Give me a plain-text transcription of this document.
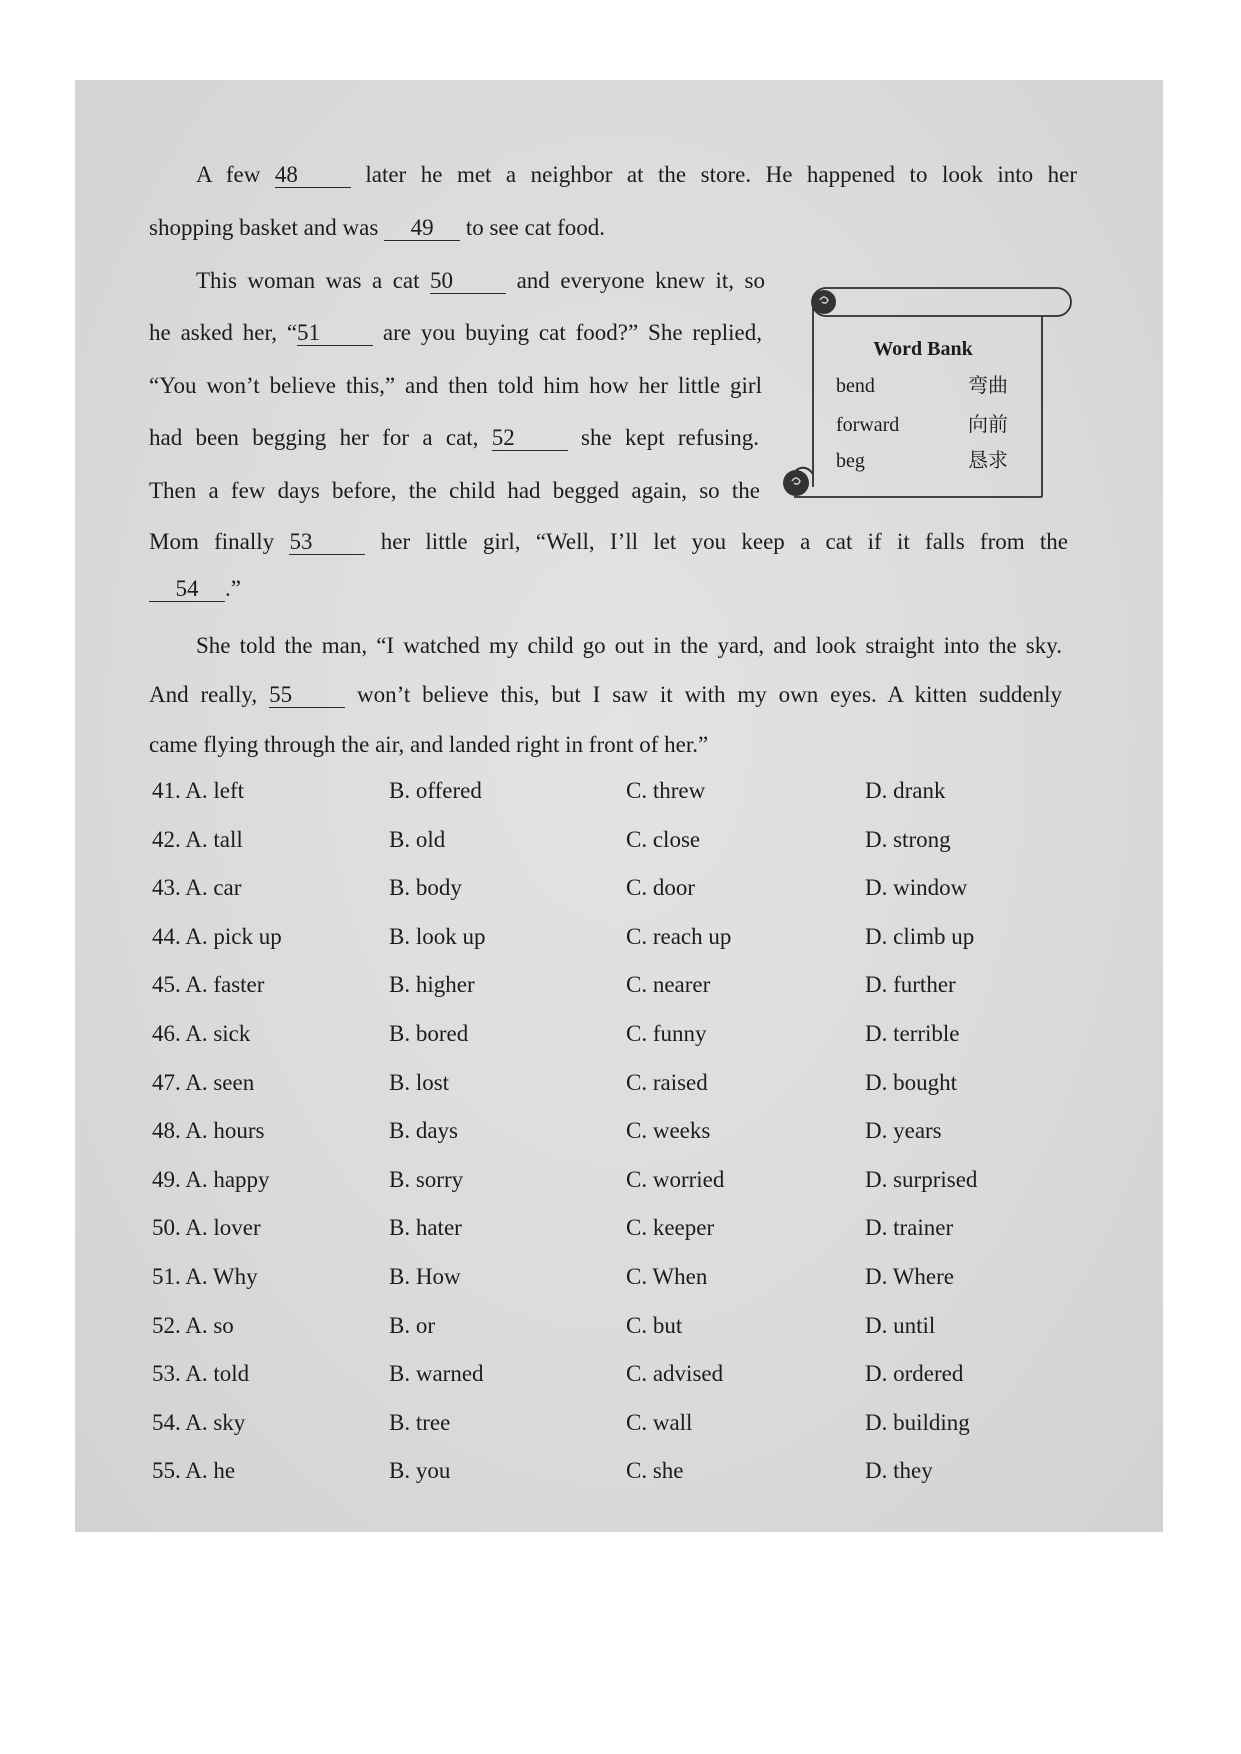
A few 48	later he met a neighbor at the store. He happened to look into her
shopping basket and was 49 to see cat food.
This woman was a cat 50	and everyone knew it, so
he asked her, “51	are you buying cat food?” She replied,
“You won’t believe this,” and then told him how her little girl
had been begging her for a cat, 52	she kept refusing.
Then a few days before, the child had begged again, so the
Mom finally 53	her little girl, “Well, I’ll let you keep a cat if it falls from the
54 .”
She told the man, “I watched my child go out in the yard, and look straight into the sky.
And really, 55	won’t believe this, but I saw it with my own eyes. A kitten suddenly
came flying through the air, and landed right in front of her.”
Word Bank
bend	弯曲
forward	向前
beg	恳求
41. A. left	B. offered	C. threw	D. drank
42. A. tall	B. old	C. close	D. strong
43. A. car	B. body	C. door	D. window
44. A. pick up	B. look up	C. reach up	D. climb up
45. A. faster	B. higher	C. nearer	D. further
46. A. sick	B. bored	C. funny	D. terrible
47. A. seen	B. lost	C. raised	D. bought
48. A. hours	B. days	C. weeks	D. years
49. A. happy	B. sorry	C. worried	D. surprised
50. A. lover	B. hater	C. keeper	D. trainer
51. A. Why	B. How	C. When	D. Where
52. A. so	B. or	C. but	D. until
53. A. told	B. warned	C. advised	D. ordered
54. A. sky	B. tree	C. wall	D. building
55. A. he	B. you	C. she	D. they
